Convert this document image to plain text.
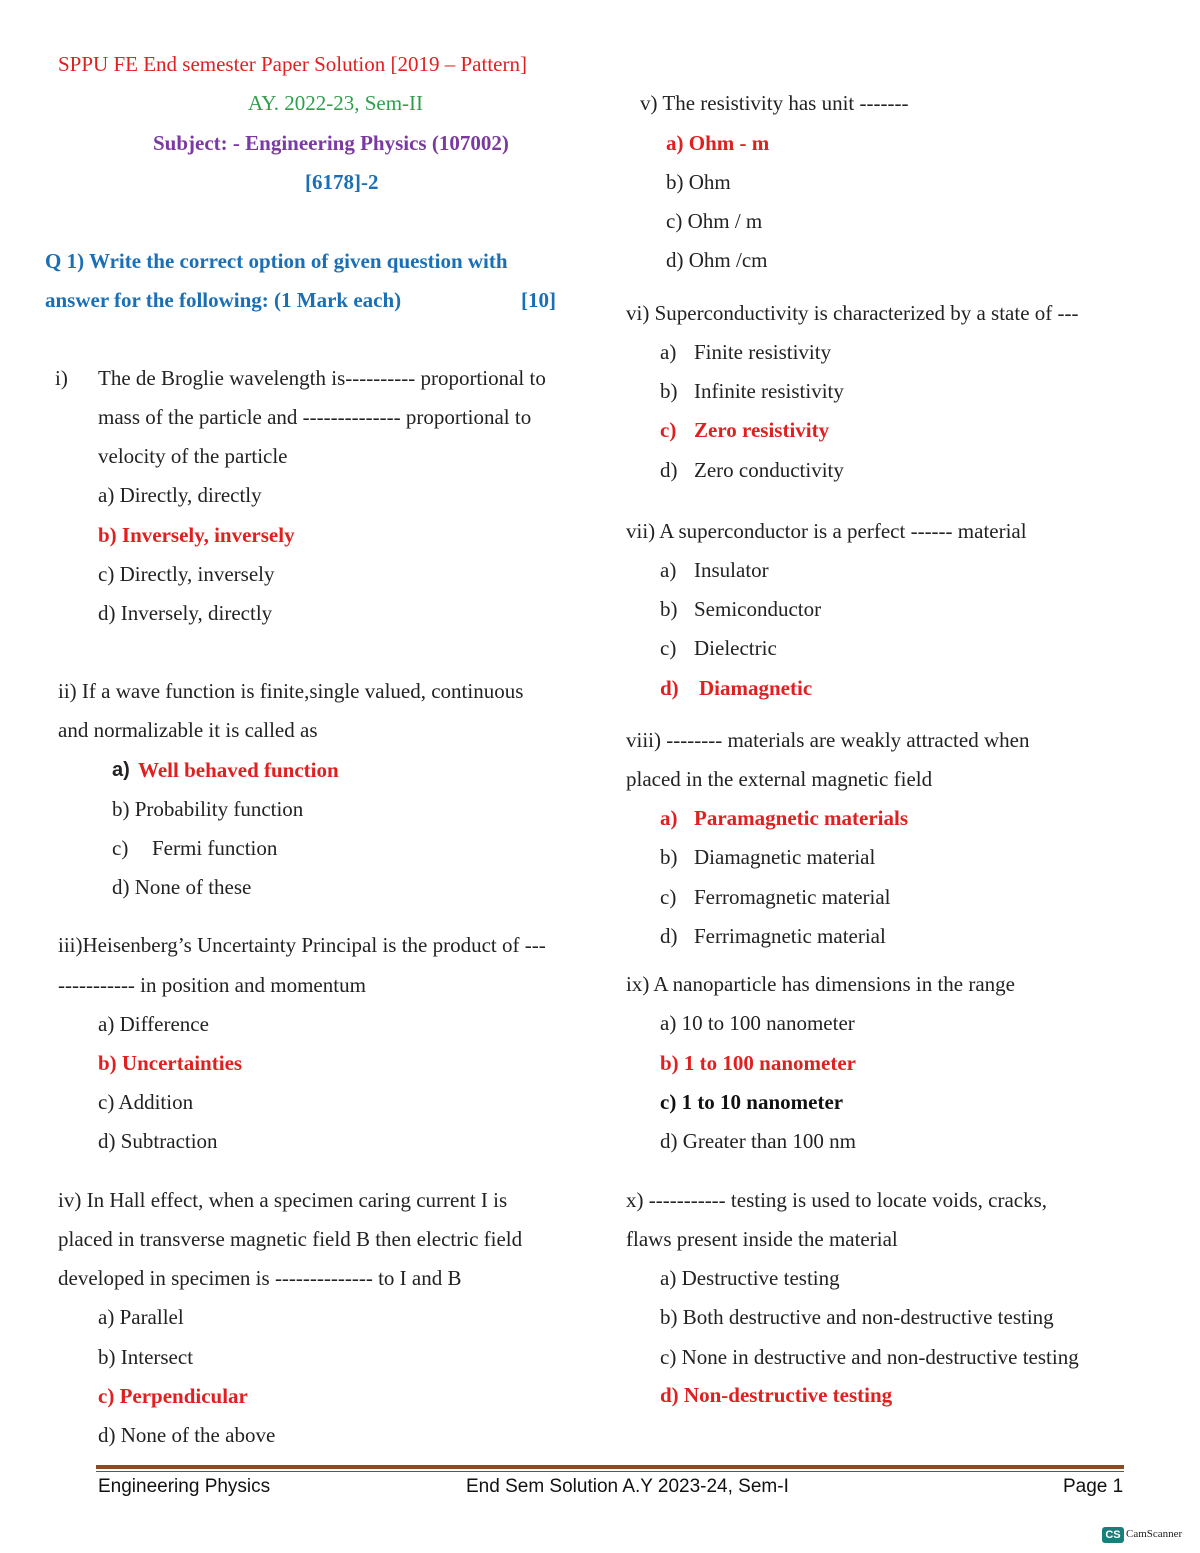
SPPU FE End semester Paper Solution [2019 – Pattern]
AY. 2022-23, Sem-II
Subject: - Engineering Physics (107002)
[6178]-2
Q 1) Write the correct option of given question with
answer for the following: (1 Mark each)	[10]
i) The de Broglie wavelength is---------- proportional to
mass of the particle and -------------- proportional to
velocity of the particle
a) Directly, directly
b) Inversely, inversely
c) Directly, inversely
d) Inversely, directly
ii) If a wave function is finite,single valued, continuous
and normalizable it is called as
a) Well behaved function
b) Probability function
c) Fermi function
d) None of these
iii)Heisenberg’s Uncertainty Principal is the product of ---
----------- in position and momentum
a) Difference
b) Uncertainties
c) Addition
d) Subtraction
iv) In Hall effect, when a specimen caring current I is
placed in transverse magnetic field B then electric field
developed in specimen is -------------- to I and B
a) Parallel
b) Intersect
c) Perpendicular
d) None of the above
v) The resistivity has unit -------
a) Ohm - m
b) Ohm
c) Ohm / m
d) Ohm /cm
vi) Superconductivity is characterized by a state of ---
a) Finite resistivity
b) Infinite resistivity
c) Zero resistivity
d) Zero conductivity
vii) A superconductor is a perfect ------ material
a) Insulator
b) Semiconductor
c) Dielectric
d) Diamagnetic
viii) -------- materials are weakly attracted when
placed in the external magnetic field
a) Paramagnetic materials
b) Diamagnetic material
c) Ferromagnetic material
d) Ferrimagnetic material
ix) A nanoparticle has dimensions in the range
a) 10 to 100 nanometer
b) 1 to 100 nanometer
c) 1 to 10 nanometer
d) Greater than 100 nm
x) ----------- testing is used to locate voids, cracks,
flaws present inside the material
a) Destructive testing
b) Both destructive and non-destructive testing
c) None in destructive and non-destructive testing
d) Non-destructive testing
Engineering Physics	End Sem Solution A.Y 2023-24, Sem-I	Page 1
CS CamScanner
